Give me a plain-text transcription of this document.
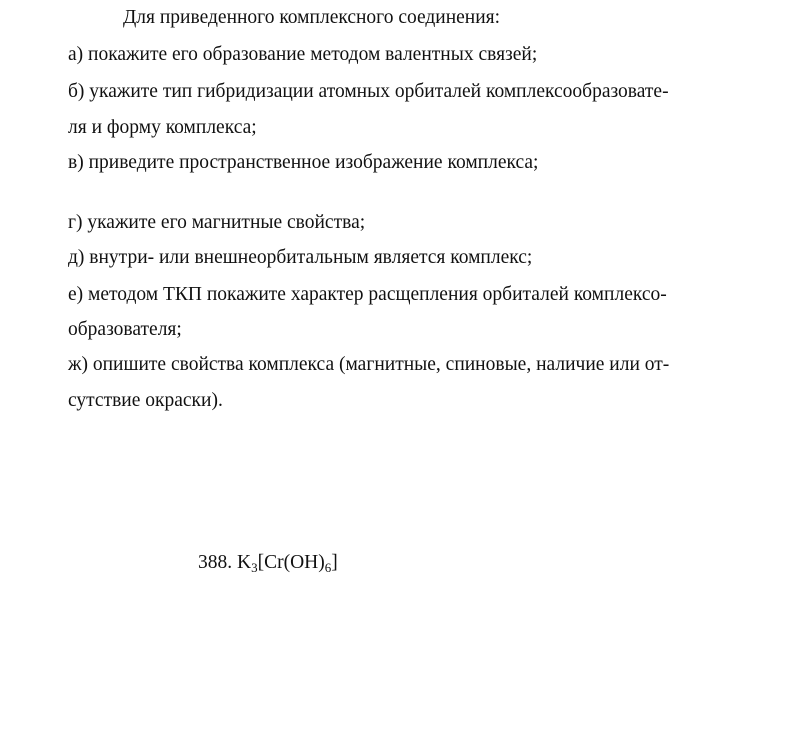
Для приведенного комплексного соединения:
а) покажите его образование методом валентных связей;
б) укажите тип гибридизации атомных орбиталей комплексообразовате-
ля и форму комплекса;
в) приведите пространственное изображение комплекса;
г) укажите его магнитные свойства;
д) внутри- или внешнеорбитальным является комплекс;
е) методом ТКП покажите характер расщепления орбиталей комплексо-
образователя;
ж) опишите свойства комплекса (магнитные, спиновые, наличие или от-
сутствие окраски).
388. $K_3[Cr(OH)_6]$
